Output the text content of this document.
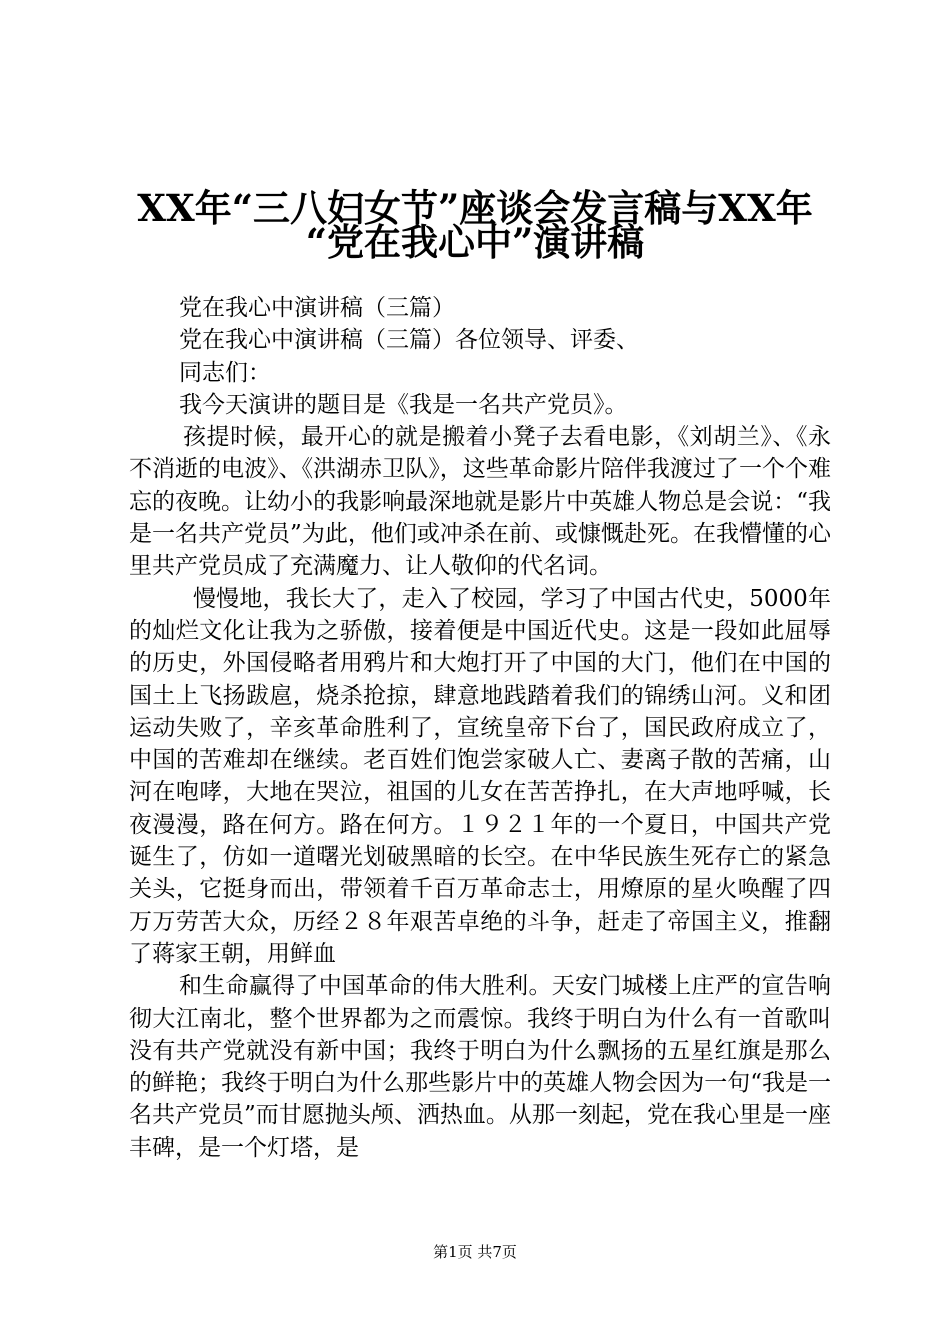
XX年“三八妇女节”座谈会发言稿与XX年
“党在我心中”演讲稿

党在我心中演讲稿（三篇）

党在我心中演讲稿（三篇）各位领导、评委、

同志们：

我今天演讲的题目是《我是一名共产党员》。

孩提时候，最开心的就是搬着小凳子去看电影，《刘胡兰》、《永不消逝的电波》、《洪湖赤卫队》，这些革命影片陪伴我渡过了一个个难忘的夜晚。让幼小的我影响最深地就是影片中英雄人物总是会说：“我是一名共产党员”为此，他们或冲杀在前、或慷慨赴死。在我懵懂的心里共产党员成了充满魔力、让人敬仰的代名词。

慢慢地，我长大了，走入了校园，学习了中国古代史，5000年的灿烂文化让我为之骄傲，接着便是中国近代史。这是一段如此屈辱的历史，外国侵略者用鸦片和大炮打开了中国的大门，他们在中国的国土上飞扬跋扈，烧杀抢掠，肆意地践踏着我们的锦绣山河。义和团运动失败了，辛亥革命胜利了，宣统皇帝下台了，国民政府成立了，中国的苦难却在继续。老百姓们饱尝家破人亡、妻离子散的苦痛，山河在咆哮，大地在哭泣，祖国的儿女在苦苦挣扎，在大声地呼喊，长夜漫漫，路在何方。路在何方。１９２１年的一个夏日，中国共产党诞生了，仿如一道曙光划破黑暗的长空。在中华民族生死存亡的紧急关头，它挺身而出，带领着千百万革命志士，用燎原的星火唤醒了四万万劳苦大众，历经２８年艰苦卓绝的斗争，赶走了帝国主义，推翻了蒋家王朝，用鲜血

和生命赢得了中国革命的伟大胜利。天安门城楼上庄严的宣告响彻大江南北，整个世界都为之而震惊。我终于明白为什么有一首歌叫没有共产党就没有新中国；我终于明白为什么飘扬的五星红旗是那么的鲜艳；我终于明白为什么那些影片中的英雄人物会因为一句“我是一名共产党员”而甘愿抛头颅、洒热血。从那一刻起，党在我心里是一座丰碑，是一个灯塔，是

第1页 共7页
